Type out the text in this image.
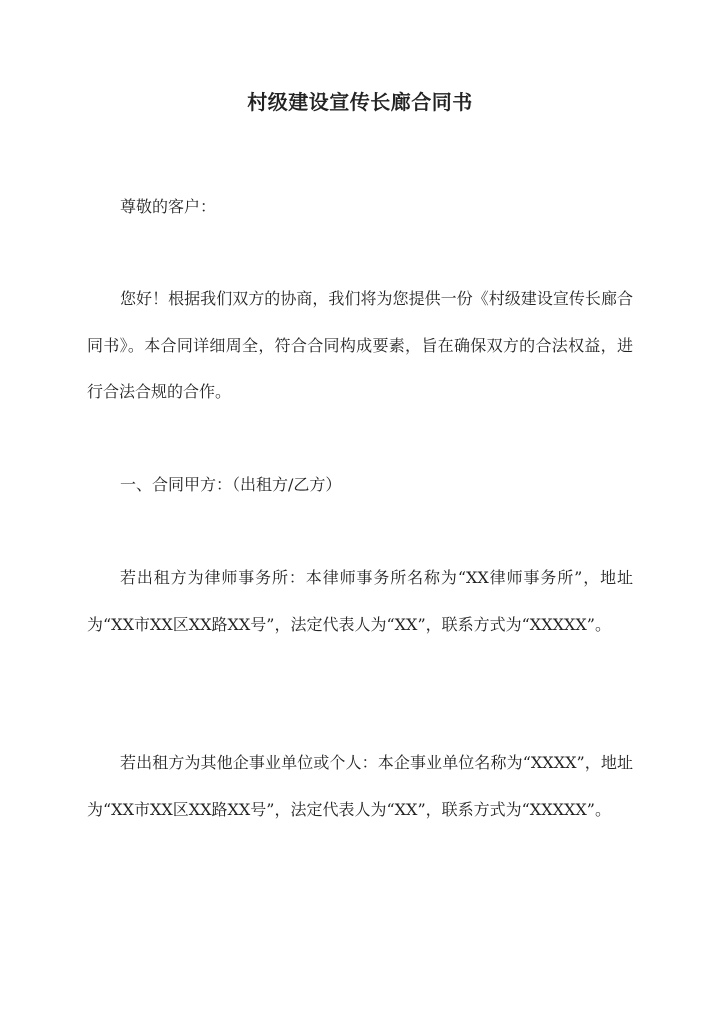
村级建设宣传长廊合同书

尊敬的客户：

您好！根据我们双方的协商，我们将为您提供一份《村级建设宣传长廊合同书》。本合同详细周全，符合合同构成要素，旨在确保双方的合法权益，进行合法合规的合作。

一、合同甲方：（出租方/乙方）

若出租方为律师事务所：本律师事务所名称为“XX律师事务所”，地址为“XX市XX区XX路XX号”，法定代表人为“XX”，联系方式为“XXXXX”。

若出租方为其他企事业单位或个人：本企事业单位名称为“XXXX”，地址为“XX市XX区XX路XX号”，法定代表人为“XX”，联系方式为“XXXXX”。
